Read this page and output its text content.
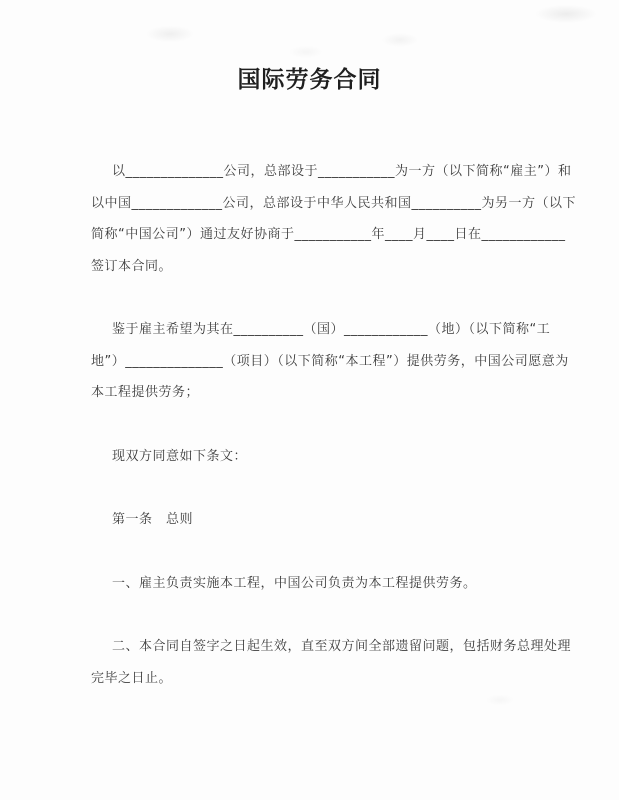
国际劳务合同
以______________公司，总部设于___________为一方（以下简称“雇主”）和
以中国_____________公司，总部设于中华人民共和国__________为另一方（以下
简称“中国公司”）通过友好协商于___________年____月____日在____________
签订本合同。
鉴于雇主希望为其在__________（国）____________（地）（以下简称“工
地”）______________（项目）（以下简称“本工程”）提供劳务，中国公司愿意为
本工程提供劳务；
现双方同意如下条文：
第一条　总则
一、雇主负责实施本工程，中国公司负责为本工程提供劳务。
二、本合同自签字之日起生效，直至双方间全部遗留问题，包括财务总理处理
完毕之日止。
